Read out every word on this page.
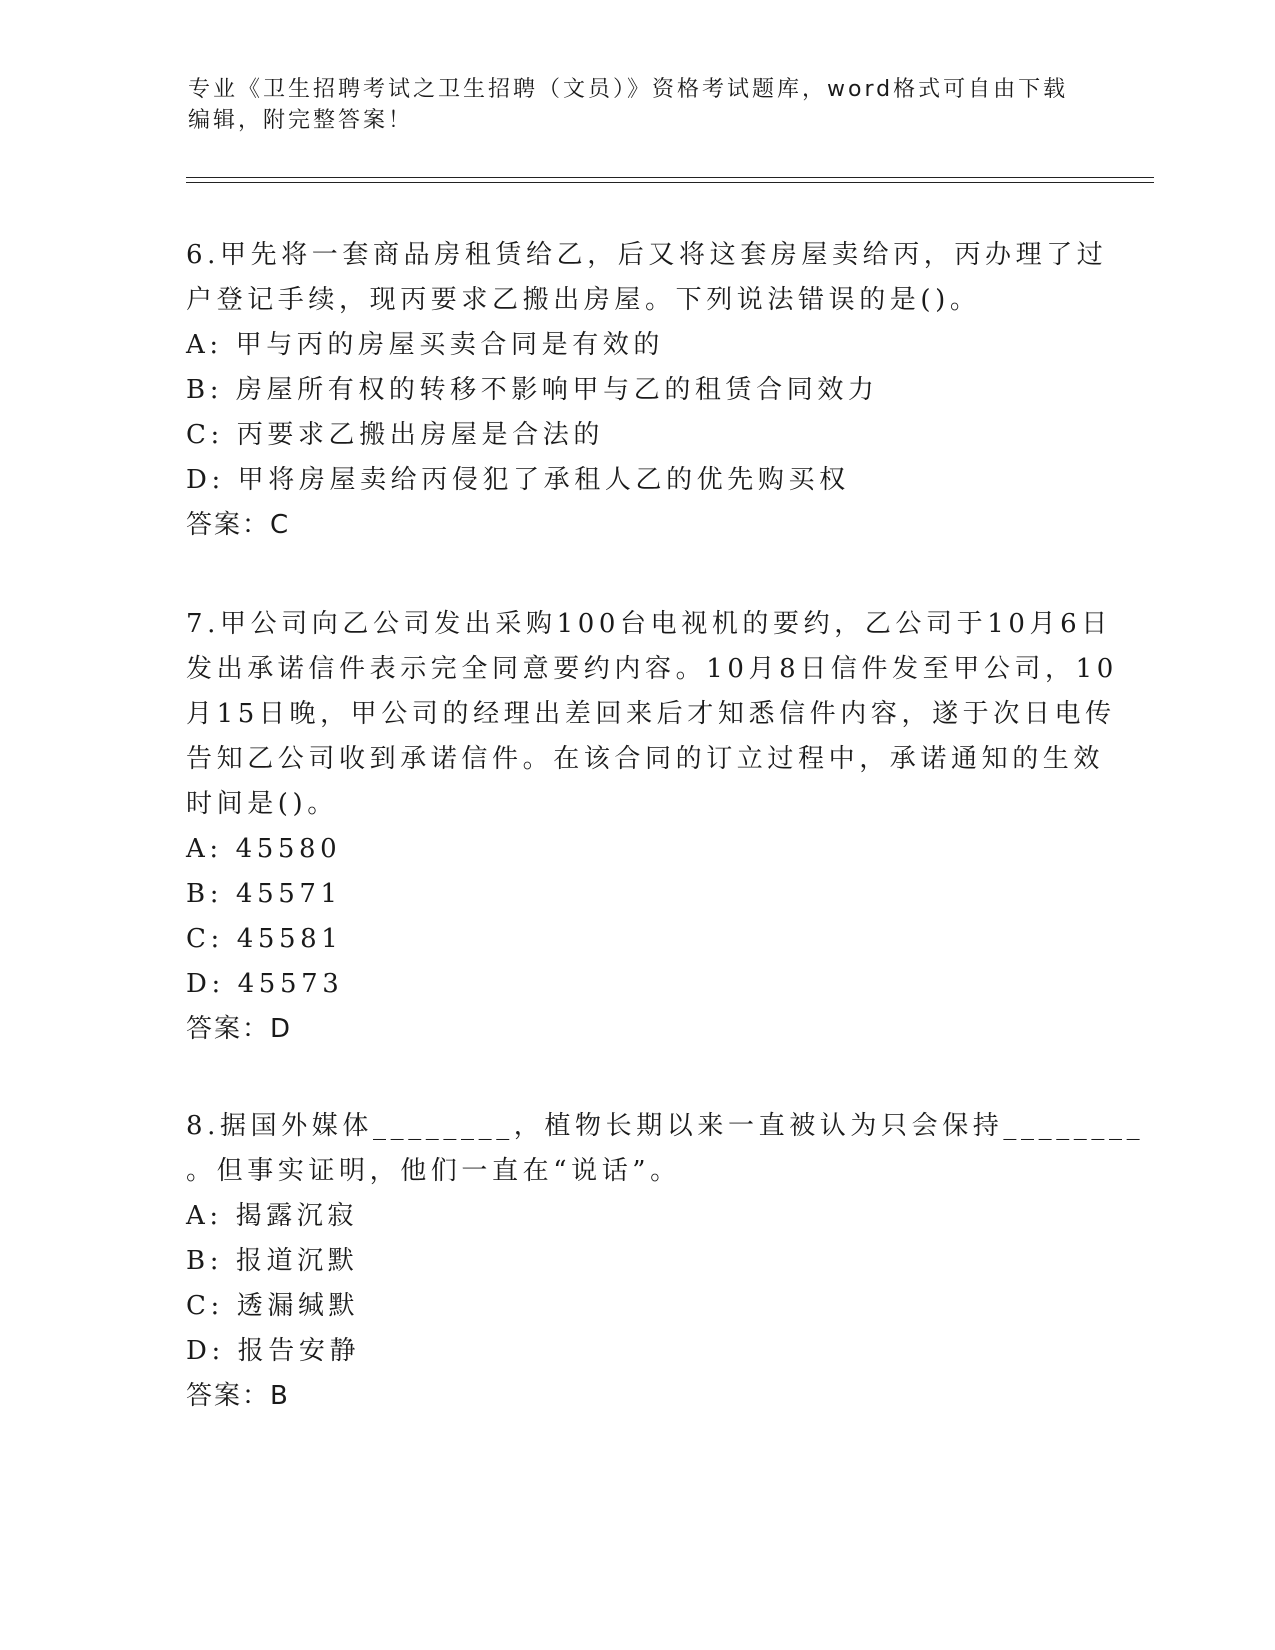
专业《卫生招聘考试之卫生招聘（文员）》资格考试题库，word格式可自由下载
编辑，附完整答案！
6.甲先将一套商品房租赁给乙，后又将这套房屋卖给丙，丙办理了过
户登记手续，现丙要求乙搬出房屋。下列说法错误的是()。
A: 甲与丙的房屋买卖合同是有效的
B: 房屋所有权的转移不影响甲与乙的租赁合同效力
C: 丙要求乙搬出房屋是合法的
D: 甲将房屋卖给丙侵犯了承租人乙的优先购买权
答案：C
7.甲公司向乙公司发出采购100台电视机的要约，乙公司于10月6日
发出承诺信件表示完全同意要约内容。10月8日信件发至甲公司，10
月15日晚，甲公司的经理出差回来后才知悉信件内容，遂于次日电传
告知乙公司收到承诺信件。在该合同的订立过程中，承诺通知的生效
时间是()。
A: 45580
B: 45571
C: 45581
D: 45573
答案：D
8.据国外媒体________，植物长期以来一直被认为只会保持________
。但事实证明，他们一直在“说话”。
A: 揭露沉寂
B: 报道沉默
C: 透漏缄默
D: 报告安静
答案：B
